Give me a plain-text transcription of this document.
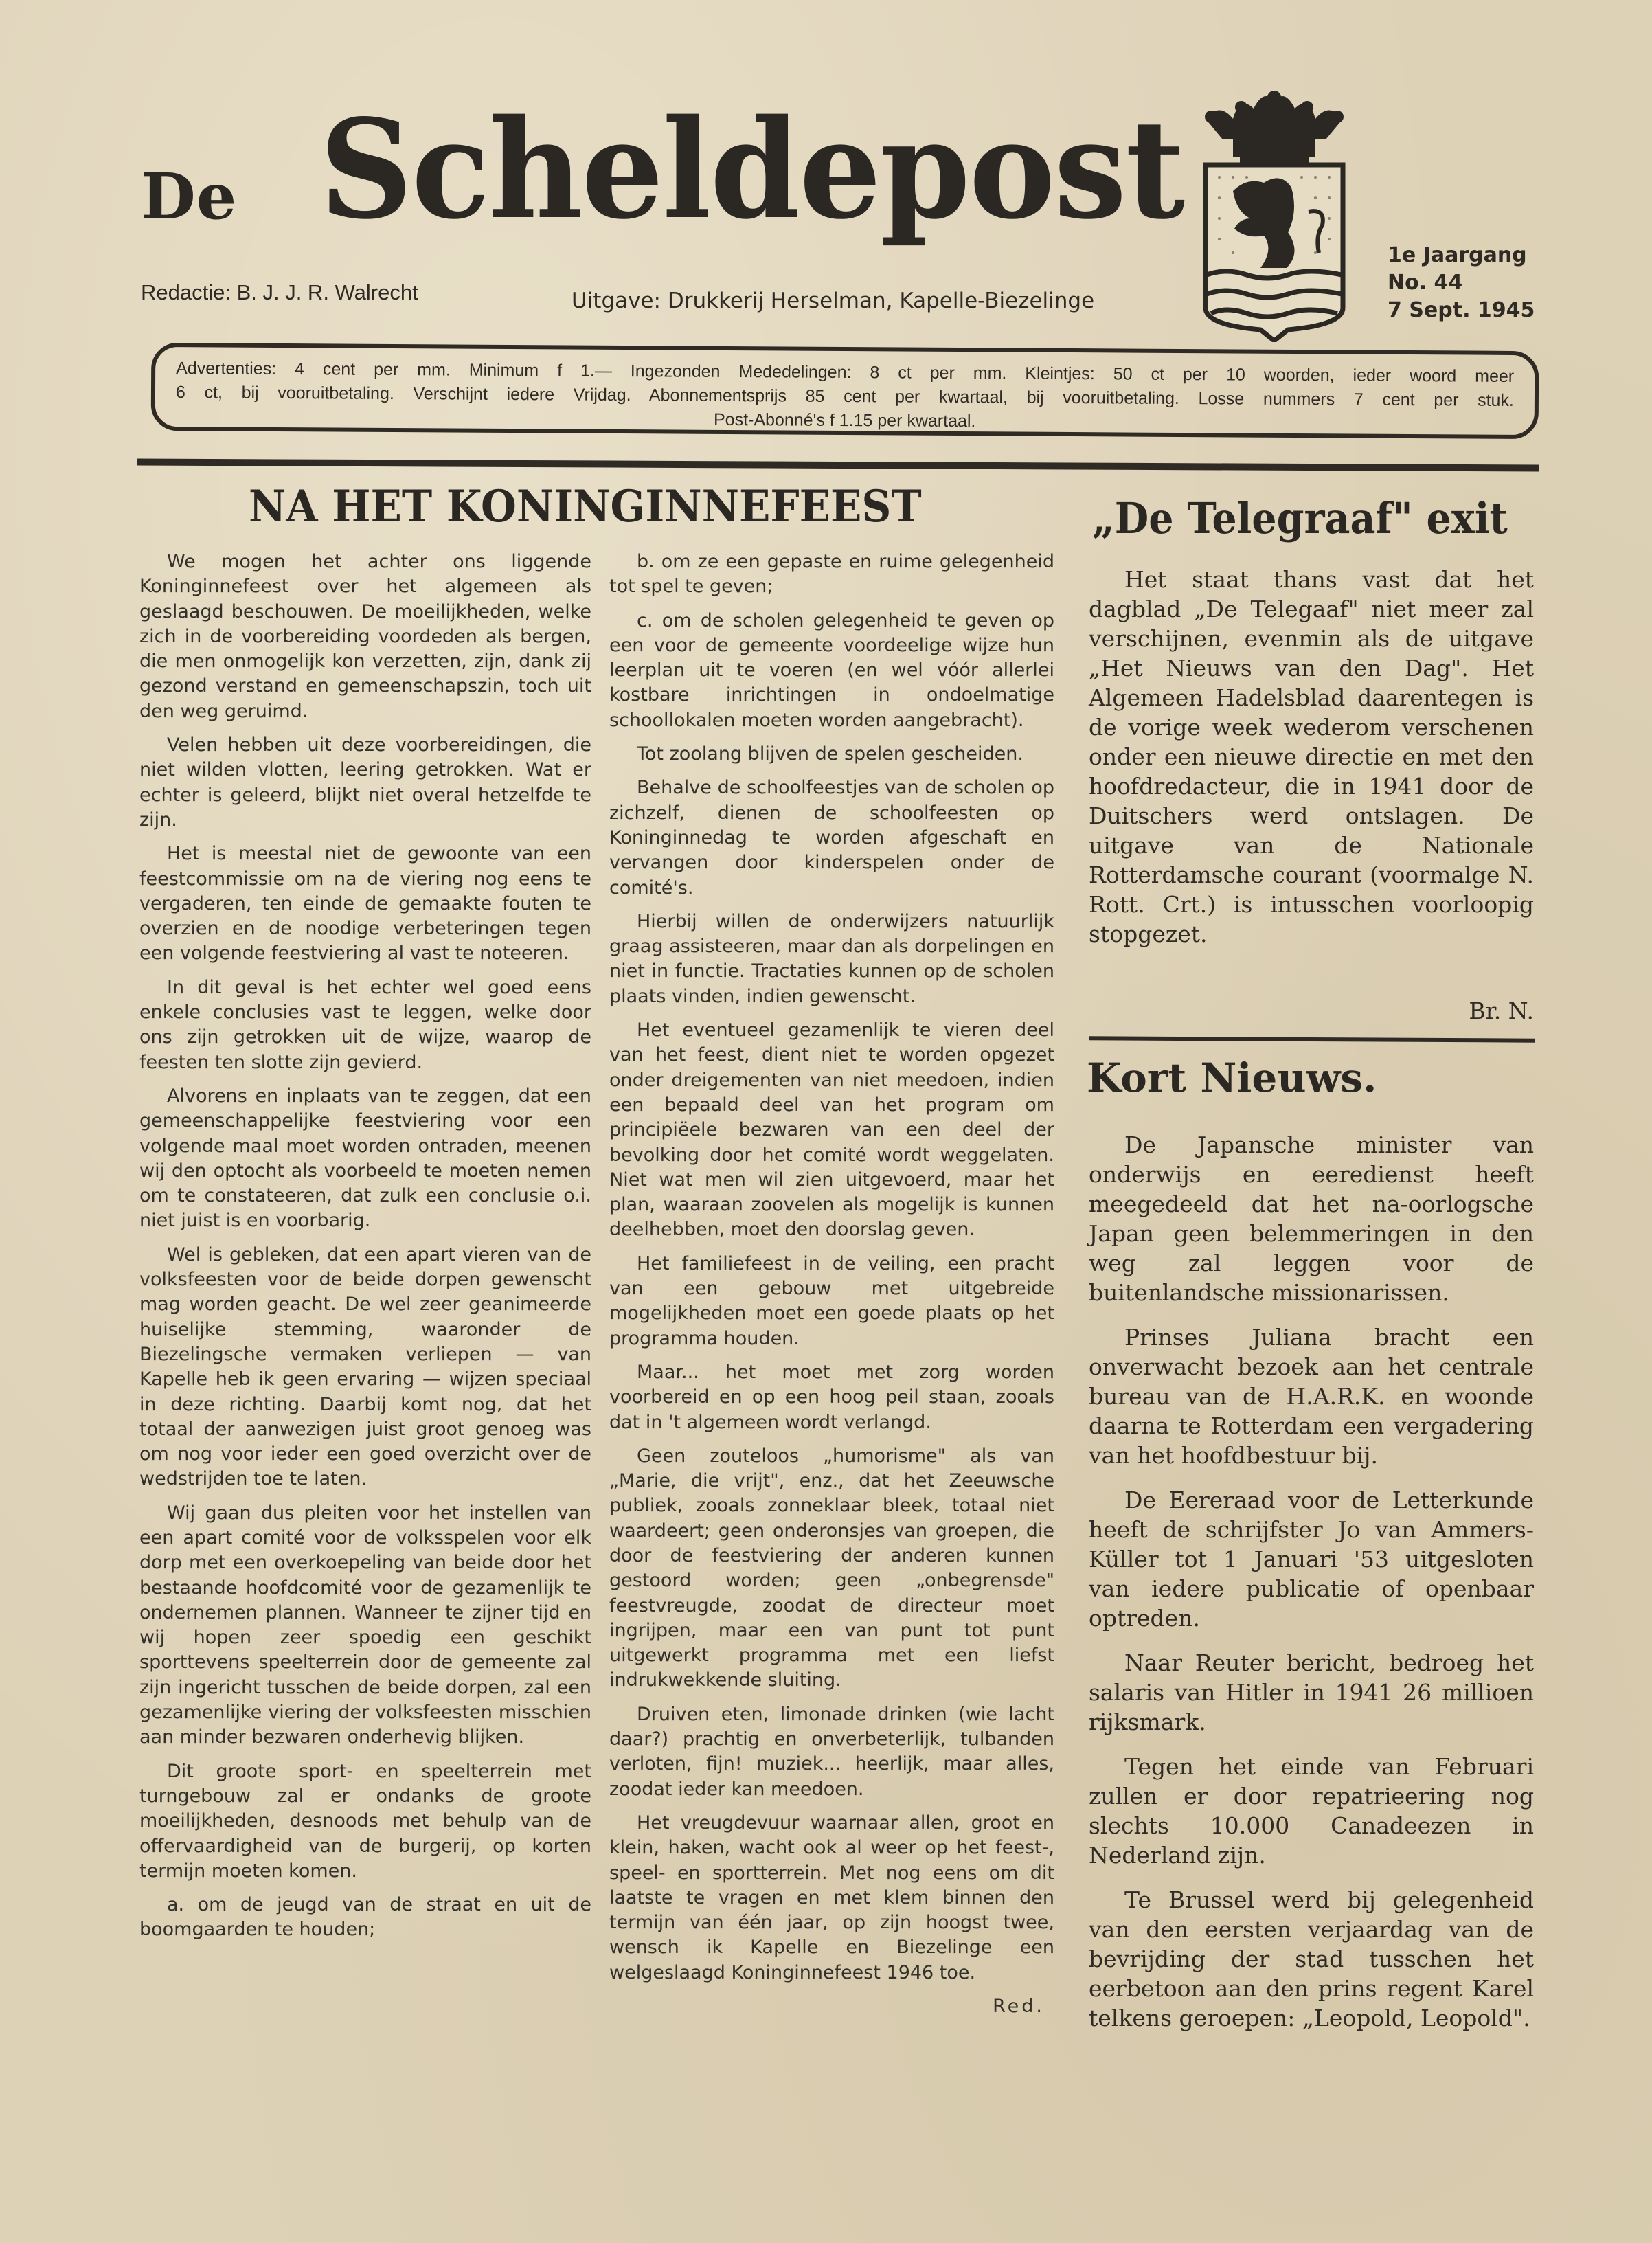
De Scheldepost
1e Jaargang
No. 44
7 Sept. 1945
Redactie: B. J. J. R. Walrecht	Uitgave: Drukkerij Herselman, Kapelle-Biezelinge
Advertenties: 4 cent per mm. Minimum f 1.— Ingezonden Mededelingen: 8 ct per mm. Kleintjes: 50 ct per 10 woorden, ieder woord meer
6 ct, bij vooruitbetaling. Verschijnt iedere Vrijdag. Abonnementsprijs 85 cent per kwartaal, bij vooruitbetaling. Losse nummers 7 cent per stuk.
Post-Abonné's f 1.15 per kwartaal.
NA HET KONINGINNEFEEST

We mogen het achter ons liggende Koninginnefeest over het algemeen als geslaagd beschouwen. De moeilijkheden, welke zich in de voorbereiding voordeden als bergen, die men onmogelijk kon verzetten, zijn, dank zij gezond verstand en gemeenschapszin, toch uit den weg geruimd.

Velen hebben uit deze voorbereidingen, die niet wilden vlotten, leering getrokken. Wat er echter is geleerd, blijkt niet overal hetzelfde te zijn.

Het is meestal niet de gewoonte van een feestcommissie om na de viering nog eens te vergaderen, ten einde de gemaakte fouten te overzien en de noodige verbeteringen tegen een volgende feestviering al vast te noteeren.

In dit geval is het echter wel goed eens enkele conclusies vast te leggen, welke door ons zijn getrokken uit de wijze, waarop de feesten ten slotte zijn gevierd.

Alvorens en inplaats van te zeggen, dat een gemeenschappelijke feestviering voor een volgende maal moet worden ontraden, meenen wij den optocht als voorbeeld te moeten nemen om te constateeren, dat zulk een conclusie o.i. niet juist is en voorbarig.

Wel is gebleken, dat een apart vieren van de volksfeesten voor de beide dorpen gewenscht mag worden geacht. De wel zeer geanimeerde huiselijke stemming, waaronder de Biezelingsche vermaken verliepen — van Kapelle heb ik geen ervaring — wijzen speciaal in deze richting. Daarbij komt nog, dat het totaal der aanwezigen juist groot genoeg was om nog voor ieder een goed overzicht over de wedstrijden toe te laten.

Wij gaan dus pleiten voor het instellen van een apart comité voor de volksspelen voor elk dorp met een overkoepeling van beide door het bestaande hoofdcomité voor de gezamenlijk te ondernemen plannen. Wanneer te zijner tijd en wij hopen zeer spoedig een geschikt sporttevens speelterrein door de gemeente zal zijn ingericht tusschen de beide dorpen, zal een gezamenlijke viering der volksfeesten misschien aan minder bezwaren onderhevig blijken.

Dit groote sport- en speelterrein met turngebouw zal er ondanks de groote moeilijkheden, desnoods met behulp van de offervaardigheid van de burgerij, op korten termijn moeten komen.

a. om de jeugd van de straat en uit de boomgaarden te houden;

b. om ze een gepaste en ruime gelegenheid tot spel te geven;

c. om de scholen gelegenheid te geven op een voor de gemeente voordeelige wijze hun leerplan uit te voeren (en wel vóór allerlei kostbare inrichtingen in ondoelmatige schoollokalen moeten worden aangebracht).

Tot zoolang blijven de spelen gescheiden.

Behalve de schoolfeestjes van de scholen op zichzelf, dienen de schoolfeesten op Koninginnedag te worden afgeschaft en vervangen door kinderspelen onder de comité's.

Hierbij willen de onderwijzers natuurlijk graag assisteeren, maar dan als dorpelingen en niet in functie. Tractaties kunnen op de scholen plaats vinden, indien gewenscht.

Het eventueel gezamenlijk te vieren deel van het feest, dient niet te worden opgezet onder dreigementen van niet meedoen, indien een bepaald deel van het program om principiëele bezwaren van een deel der bevolking door het comité wordt weggelaten. Niet wat men wil zien uitgevoerd, maar het plan, waaraan zoovelen als mogelijk is kunnen deelhebben, moet den doorslag geven.

Het familiefeest in de veiling, een pracht van een gebouw met uitgebreide mogelijkheden moet een goede plaats op het programma houden.

Maar... het moet met zorg worden voorbereid en op een hoog peil staan, zooals dat in 't algemeen wordt verlangd.

Geen zouteloos „humorisme" als van „Marie, die vrijt", enz., dat het Zeeuwsche publiek, zooals zonneklaar bleek, totaal niet waardeert; geen onderonsjes van groepen, die door de feestviering der anderen kunnen gestoord worden; geen „onbegrensde" feestvreugde, zoodat de directeur moet ingrijpen, maar een van punt tot punt uitgewerkt programma met een liefst indrukwekkende sluiting.

Druiven eten, limonade drinken (wie lacht daar?) prachtig en onverbeterlijk, tulbanden verloten, fijn! muziek... heerlijk, maar alles, zoodat ieder kan meedoen.

Het vreugdevuur waarnaar allen, groot en klein, haken, wacht ook al weer op het feest-, speel- en sportterrein. Met nog eens om dit laatste te vragen en met klem binnen den termijn van één jaar, op zijn hoogst twee, wensch ik Kapelle en Biezelinge een welgeslaagd Koninginnefeest 1946 toe.

Red.
„De Telegraaf" exit

Het staat thans vast dat het dagblad „De Telegaaf" niet meer zal verschijnen, evenmin als de uitgave „Het Nieuws van den Dag". Het Algemeen Hadelsblad daarentegen is de vorige week wederom verschenen onder een nieuwe directie en met den hoofdredacteur, die in 1941 door de Duitschers werd ontslagen. De uitgave van de Nationale Rotterdamsche courant (voormalge N. Rott. Crt.) is intusschen voorloopig stopgezet.

Br. N.
Kort Nieuws.

De Japansche minister van onderwijs en eeredienst heeft meegedeeld dat het na-oorlogsche Japan geen belemmeringen in den weg zal leggen voor de buitenlandsche missionarissen.

Prinses Juliana bracht een onverwacht bezoek aan het centrale bureau van de H.A.R.K. en woonde daarna te Rotterdam een vergadering van het hoofdbestuur bij.

De Eereraad voor de Letterkunde heeft de schrijfster Jo van Ammers-Küller tot 1 Januari '53 uitgesloten van iedere publicatie of openbaar optreden.

Naar Reuter bericht, bedroeg het salaris van Hitler in 1941 26 millioen rijksmark.

Tegen het einde van Februari zullen er door repatrieering nog slechts 10.000 Canadeezen in Nederland zijn.

Te Brussel werd bij gelegenheid van den eersten verjaardag van de bevrijding der stad tusschen het eerbetoon aan den prins regent Karel telkens geroepen: „Leopold, Leopold".
